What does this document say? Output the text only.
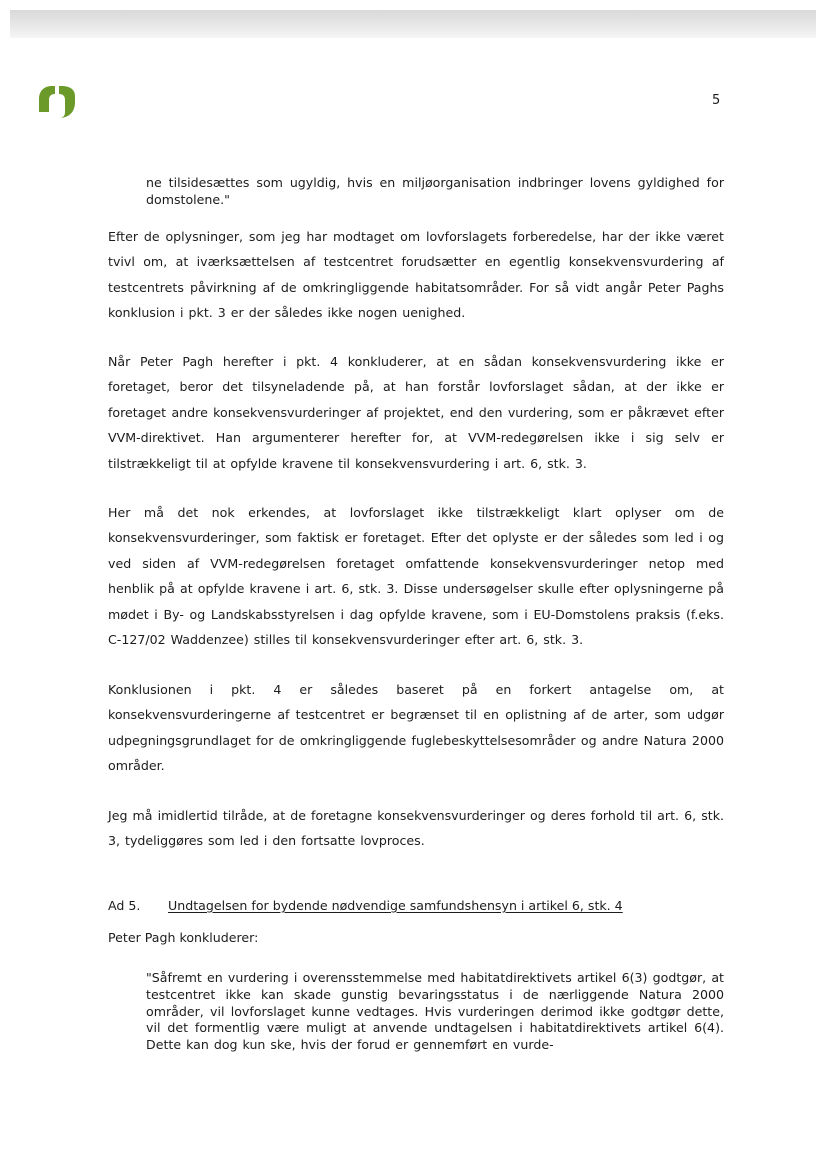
5

ne tilsidesættes som ugyldig, hvis en miljøorganisation indbringer lovens gyldighed for domstolene."

Efter de oplysninger, som jeg har modtaget om lovforslagets forberedelse, har der ikke været tvivl om, at iværksættelsen af testcentret forudsætter en egentlig konsekvensvurdering af testcentrets påvirkning af de omkringliggende habitatsområder. For så vidt angår Peter Paghs konklusion i pkt. 3 er der således ikke nogen uenighed.

Når Peter Pagh herefter i pkt. 4 konkluderer, at en sådan konsekvensvurdering ikke er foretaget, beror det tilsyneladende på, at han forstår lovforslaget sådan, at der ikke er foretaget andre konsekvensvurderinger af projektet, end den vurdering, som er påkrævet efter VVM-direktivet. Han argumenterer herefter for, at VVM-redegørelsen ikke i sig selv er tilstrækkeligt til at opfylde kravene til konsekvensvurdering i art. 6, stk. 3.

Her må det nok erkendes, at lovforslaget ikke tilstrækkeligt klart oplyser om de konsekvensvurderinger, som faktisk er foretaget. Efter det oplyste er der således som led i og ved siden af VVM-redegørelsen foretaget omfattende konsekvensvurderinger netop med henblik på at opfylde kravene i art. 6, stk. 3. Disse undersøgelser skulle efter oplysningerne på mødet i By- og Landskabsstyrelsen i dag opfylde kravene, som i EU-Domstolens praksis (f.eks. C-127/02 Waddenzee) stilles til konsekvensvurderinger efter art. 6, stk. 3.

Konklusionen i pkt. 4 er således baseret på en forkert antagelse om, at konsekvensvurderingerne af testcentret er begrænset til en oplistning af de arter, som udgør udpegningsgrundlaget for de omkringliggende fuglebeskyttelsesområder og andre Natura 2000 områder.

Jeg må imidlertid tilråde, at de foretagne konsekvensvurderinger og deres forhold til art. 6, stk. 3, tydeliggøres som led i den fortsatte lovproces.

Ad 5. Undtagelsen for bydende nødvendige samfundshensyn i artikel 6, stk. 4

Peter Pagh konkluderer:

"Såfremt en vurdering i overensstemmelse med habitatdirektivets artikel 6(3) godtgør, at testcentret ikke kan skade gunstig bevaringsstatus i de nærliggende Natura 2000 områder, vil lovforslaget kunne vedtages. Hvis vurderingen derimod ikke godtgør dette, vil det formentlig være muligt at anvende undtagelsen i habitatdirektivets artikel 6(4). Dette kan dog kun ske, hvis der forud er gennemført en vurde-
